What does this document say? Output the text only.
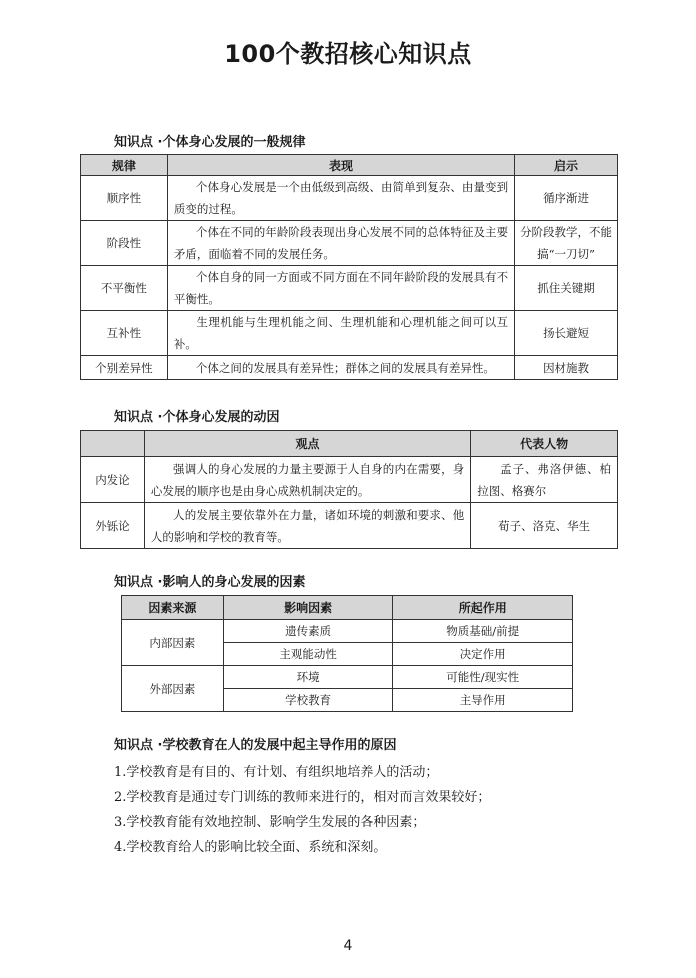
100个教招核心知识点
知识点 ·个体身心发展的一般规律
规律	表现	启示
顺序性	个体身心发展是一个由低级到高级、由简单到复杂、由量变到质变的过程。	循序渐进
阶段性	个体在不同的年龄阶段表现出身心发展不同的总体特征及主要矛盾，面临着不同的发展任务。	分阶段教学，不能搞“一刀切”
不平衡性	个体自身的同一方面或不同方面在不同年龄阶段的发展具有不平衡性。	抓住关键期
互补性	生理机能与生理机能之间、生理机能和心理机能之间可以互补。	扬长避短
个别差异性	个体之间的发展具有差异性；群体之间的发展具有差异性。	因材施教
知识点 ·个体身心发展的动因
	观点	代表人物
内发论	强调人的身心发展的力量主要源于人自身的内在需要，身心发展的顺序也是由身心成熟机制决定的。	孟子、弗洛伊德、柏拉图、格赛尔
外铄论	人的发展主要依靠外在力量，诸如环境的刺激和要求、他人的影响和学校的教育等。	荀子、洛克、华生
知识点 ·影响人的身心发展的因素
因素来源	影响因素	所起作用
内部因素	遗传素质	物质基础/前提
	主观能动性	决定作用
外部因素	环境	可能性/现实性
	学校教育	主导作用
知识点 ·学校教育在人的发展中起主导作用的原因
1.学校教育是有目的、有计划、有组织地培养人的活动；
2.学校教育是通过专门训练的教师来进行的，相对而言效果较好；
3.学校教育能有效地控制、影响学生发展的各种因素；
4.学校教育给人的影响比较全面、系统和深刻。
4
